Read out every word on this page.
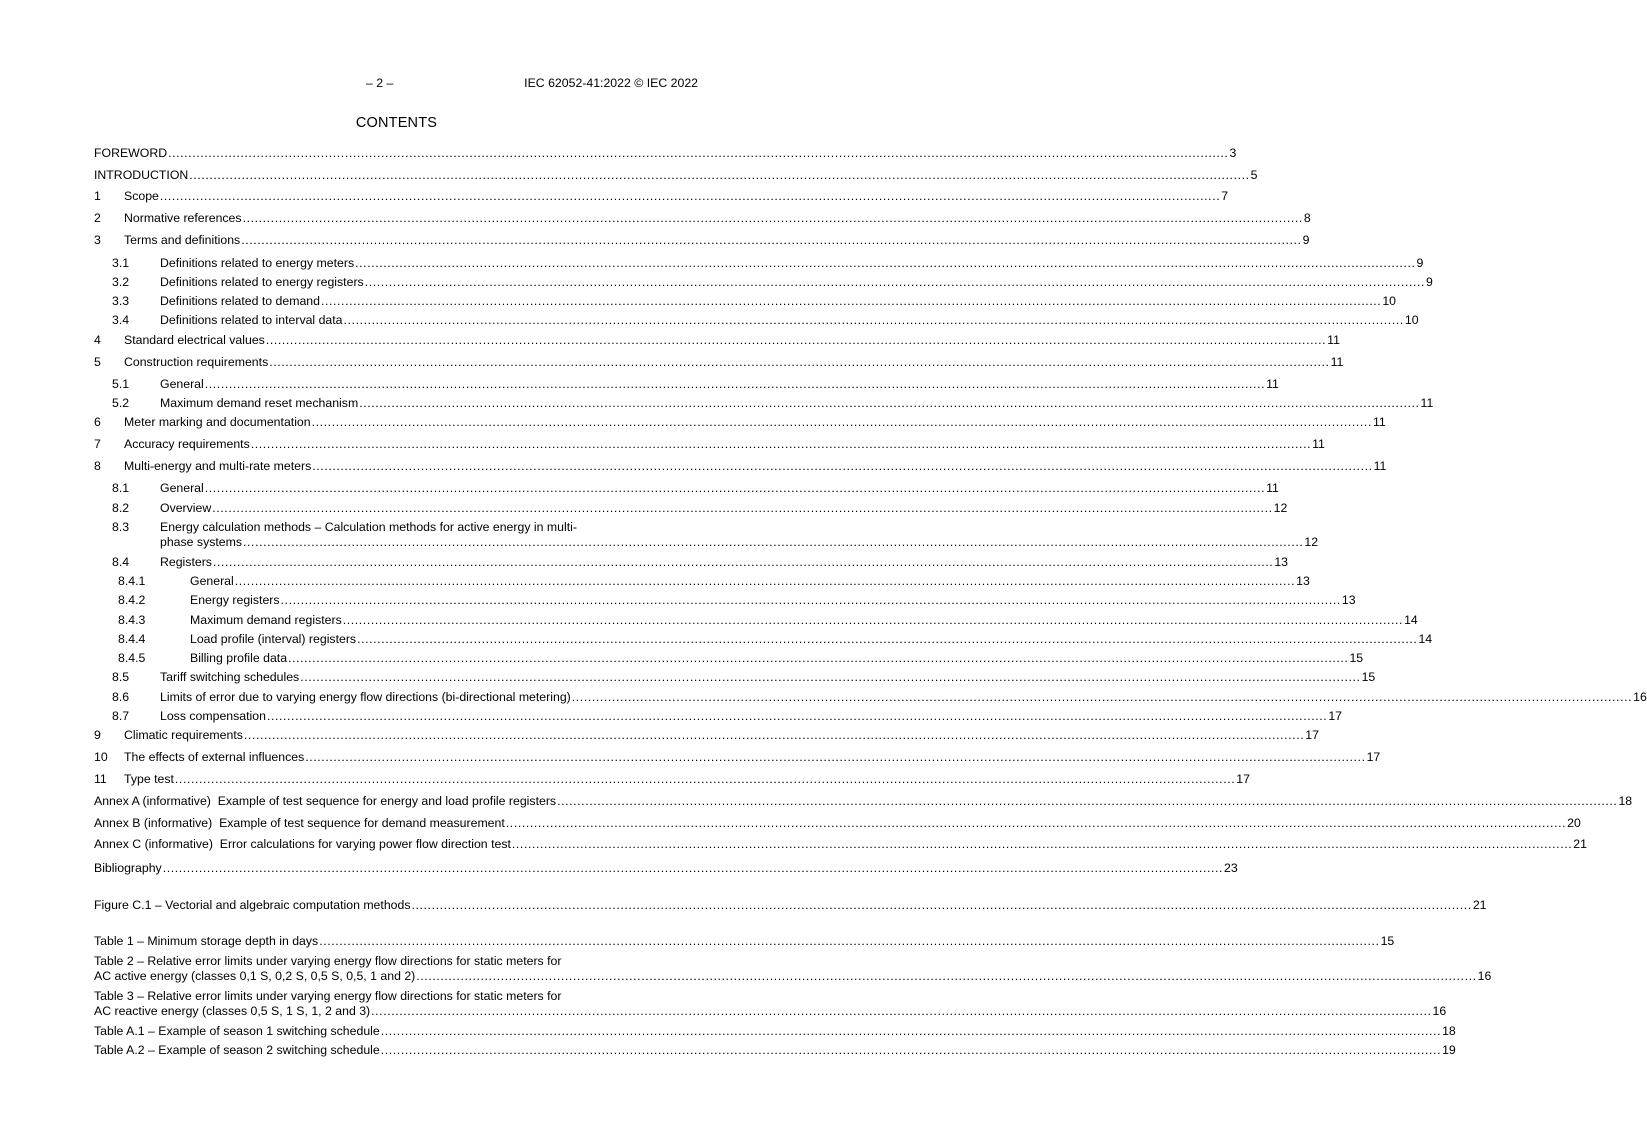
– 2 –	IEC 62052-41:2022 © IEC 2022
CONTENTS
FOREWORD .....	3
INTRODUCTION .....	5
1	Scope .....	7
2	Normative references .....	8
3	Terms and definitions .....	9
3.1	Definitions related to energy meters .....	9
3.2	Definitions related to energy registers .....	9
3.3	Definitions related to demand .....	10
3.4	Definitions related to interval data .....	10
4	Standard electrical values .....	11
5	Construction requirements .....	11
5.1	General .....	11
5.2	Maximum demand reset mechanism .....	11
6	Meter marking and documentation .....	11
7	Accuracy requirements .....	11
8	Multi-energy and multi-rate meters .....	11
8.1	General .....	11
8.2	Overview .....	12
8.3	Energy calculation methods – Calculation methods for active energy in multi-
phase systems .....	12
8.4	Registers .....	13
8.4.1	General .....	13
8.4.2	Energy registers .....	13
8.4.3	Maximum demand registers .....	14
8.4.4	Load profile (interval) registers .....	14
8.4.5	Billing profile data .....	15
8.5	Tariff switching schedules .....	15
8.6	Limits of error due to varying energy flow directions (bi-directional metering) .....	16
8.7	Loss compensation .....	17
9	Climatic requirements .....	17
10	The effects of external influences .....	17
11	Type test .....	17
Annex A (informative)  Example of test sequence for energy and load profile registers .....	18
Annex B (informative)  Example of test sequence for demand measurement .....	20
Annex C (informative)  Error calculations for varying power flow direction test .....	21
Bibliography .....	23
Figure C.1 – Vectorial and algebraic computation methods .....	21
Table 1 – Minimum storage depth in days .....	15
Table 2 – Relative error limits under varying energy flow directions for static meters for
AC active energy (classes 0,1 S, 0,2 S, 0,5 S, 0,5, 1 and 2) .....	16
Table 3 – Relative error limits under varying energy flow directions for static meters for
AC reactive energy (classes 0,5 S, 1 S, 1, 2 and 3) .....	16
Table A.1 – Example of season 1 switching schedule .....	18
Table A.2 – Example of season 2 switching schedule .....	19
